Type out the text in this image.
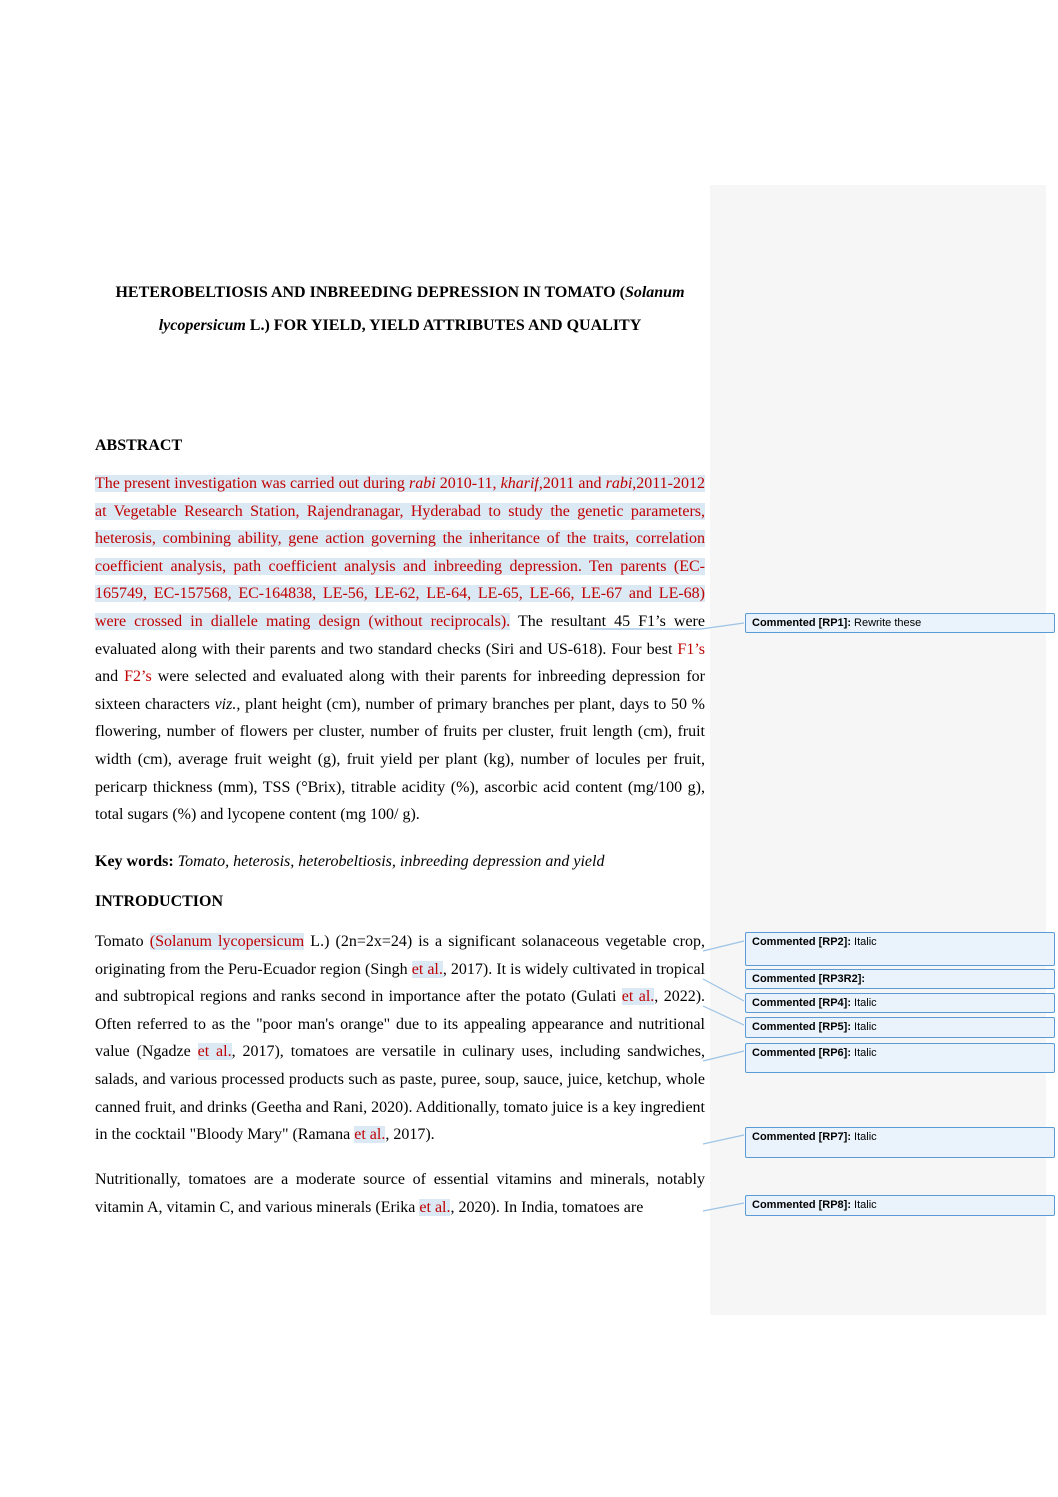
HETEROBELTIOSIS AND INBREEDING DEPRESSION IN TOMATO (Solanum lycopersicum L.) FOR YIELD, YIELD ATTRIBUTES AND QUALITY
ABSTRACT
The present investigation was carried out during rabi 2010-11, kharif,2011 and rabi,2011-2012 at Vegetable Research Station, Rajendranagar, Hyderabad to study the genetic parameters, heterosis, combining ability, gene action governing the inheritance of the traits, correlation coefficient analysis, path coefficient analysis and inbreeding depression. Ten parents (EC-165749, EC-157568, EC-164838, LE-56, LE-62, LE-64, LE-65, LE-66, LE-67 and LE-68) were crossed in diallele mating design (without reciprocals). The resultant 45 F1’s were evaluated along with their parents and two standard checks (Siri and US-618). Four best F1’s and F2’s were selected and evaluated along with their parents for inbreeding depression for sixteen characters viz., plant height (cm), number of primary branches per plant, days to 50 % flowering, number of flowers per cluster, number of fruits per cluster, fruit length (cm), fruit width (cm), average fruit weight (g), fruit yield per plant (kg), number of locules per fruit, pericarp thickness (mm), TSS (°Brix), titrable acidity (%), ascorbic acid content (mg/100 g), total sugars (%) and lycopene content (mg 100/ g).
Key words: Tomato, heterosis, heterobeltiosis, inbreeding depression and yield
INTRODUCTION
Tomato (Solanum lycopersicum L.) (2n=2x=24) is a significant solanaceous vegetable crop, originating from the Peru-Ecuador region (Singh et al., 2017). It is widely cultivated in tropical and subtropical regions and ranks second in importance after the potato (Gulati et al., 2022). Often referred to as the "poor man's orange" due to its appealing appearance and nutritional value (Ngadze et al., 2017), tomatoes are versatile in culinary uses, including sandwiches, salads, and various processed products such as paste, puree, soup, sauce, juice, ketchup, whole canned fruit, and drinks (Geetha and Rani, 2020). Additionally, tomato juice is a key ingredient in the cocktail "Bloody Mary" (Ramana et al., 2017).
Nutritionally, tomatoes are a moderate source of essential vitamins and minerals, notably vitamin A, vitamin C, and various minerals (Erika et al., 2020). In India, tomatoes are
Commented [RP1]: Rewrite these
Commented [RP2]: Italic
Commented [RP3R2]:
Commented [RP4]: Italic
Commented [RP5]: Italic
Commented [RP6]: Italic
Commented [RP7]: Italic
Commented [RP8]: Italic
